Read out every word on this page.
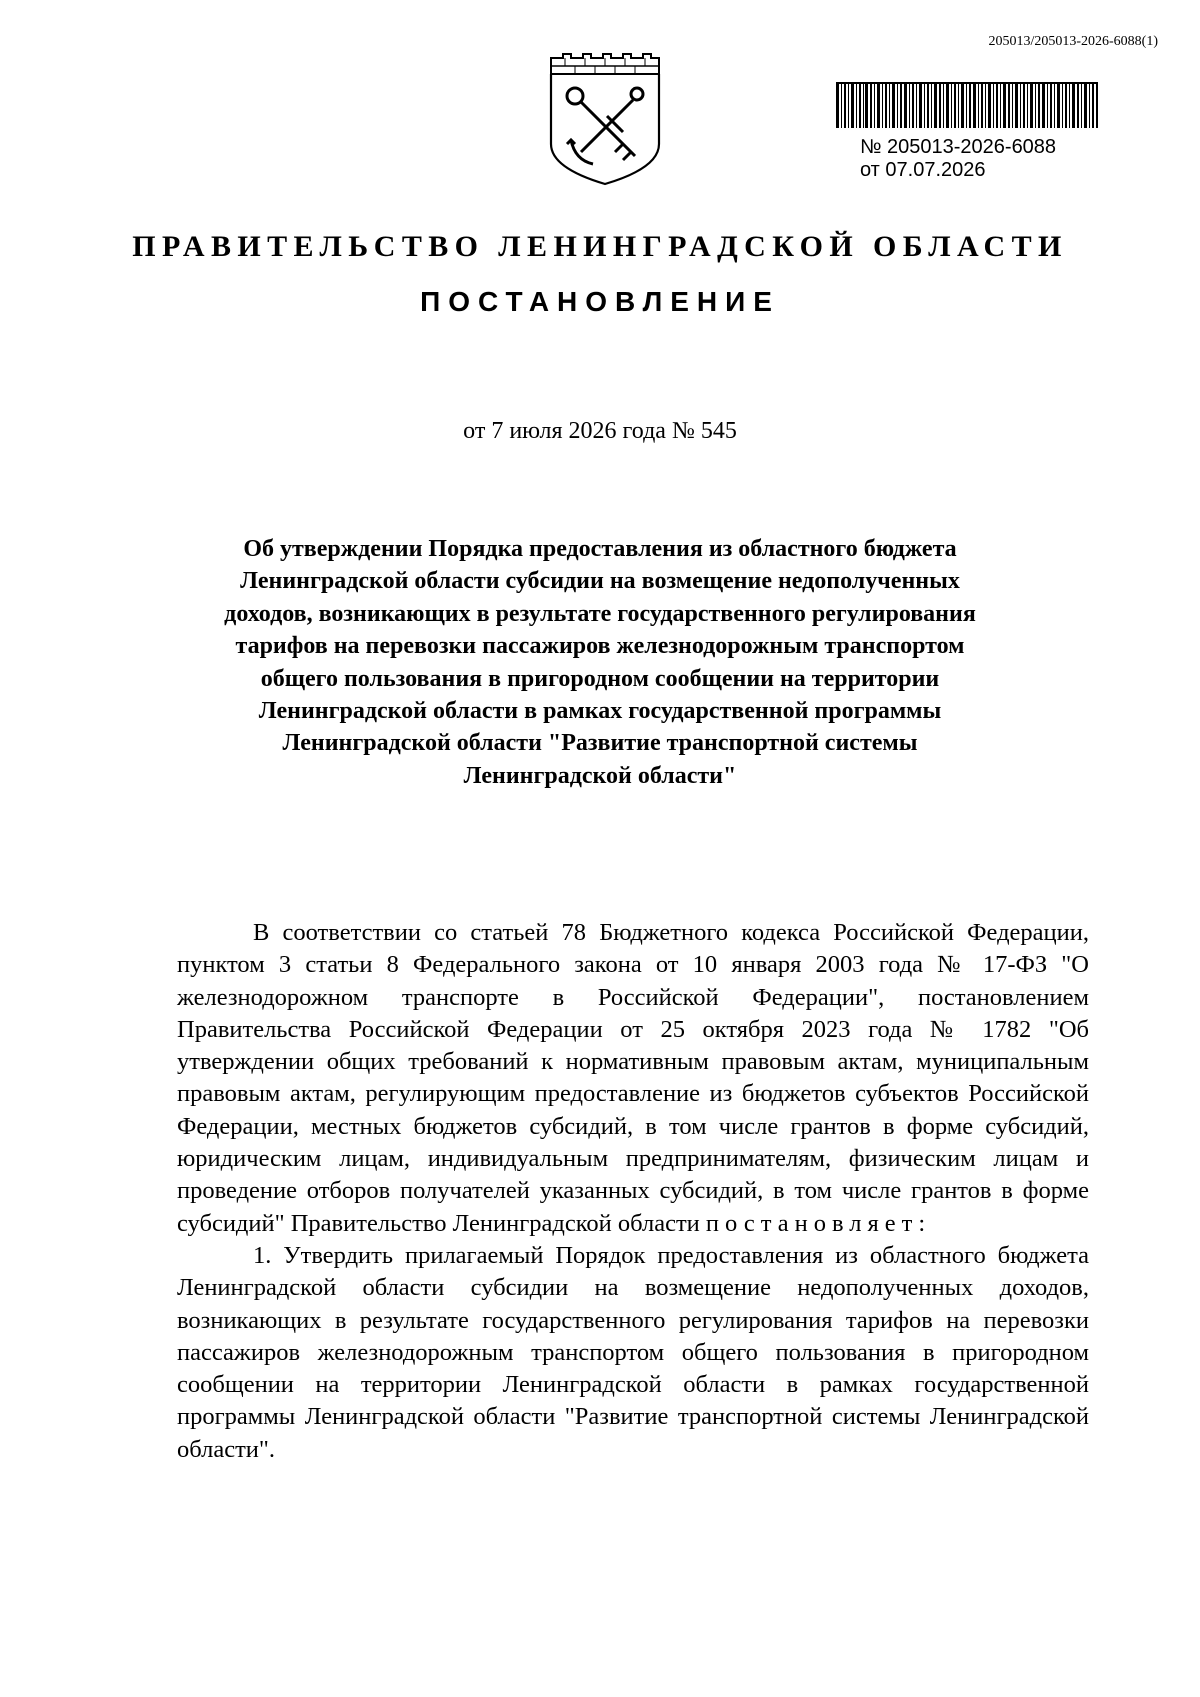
205013/205013-2026-6088(1)
№ 205013-2026-6088
от 07.07.2026
ПРАВИТЕЛЬСТВО ЛЕНИНГРАДСКОЙ ОБЛАСТИ
ПОСТАНОВЛЕНИЕ
от 7 июля 2026 года № 545
Об утверждении Порядка предоставления из областного бюджета Ленинградской области субсидии на возмещение недополученных доходов, возникающих в результате государственного регулирования тарифов на перевозки пассажиров железнодорожным транспортом общего пользования в пригородном сообщении на территории Ленинградской области в рамках государственной программы Ленинградской области "Развитие транспортной системы Ленинградской области"

В соответствии со статьей 78 Бюджетного кодекса Российской Федерации, пунктом 3 статьи 8 Федерального закона от 10 января 2003 года № 17-ФЗ "О железнодорожном транспорте в Российской Федерации", постановлением Правительства Российской Федерации от 25 октября 2023 года № 1782 "Об утверждении общих требований к нормативным правовым актам, муниципальным правовым актам, регулирующим предоставление из бюджетов субъектов Российской Федерации, местных бюджетов субсидий, в том числе грантов в форме субсидий, юридическим лицам, индивидуальным предпринимателям, физическим лицам и проведение отборов получателей указанных субсидий, в том числе грантов в форме субсидий" Правительство Ленинградской области постановляет:

1. Утвердить прилагаемый Порядок предоставления из областного бюджета Ленинградской области субсидии на возмещение недополученных доходов, возникающих в результате государственного регулирования тарифов на перевозки пассажиров железнодорожным транспортом общего пользования в пригородном сообщении на территории Ленинградской области в рамках государственной программы Ленинградской области "Развитие транспортной системы Ленинградской области".
